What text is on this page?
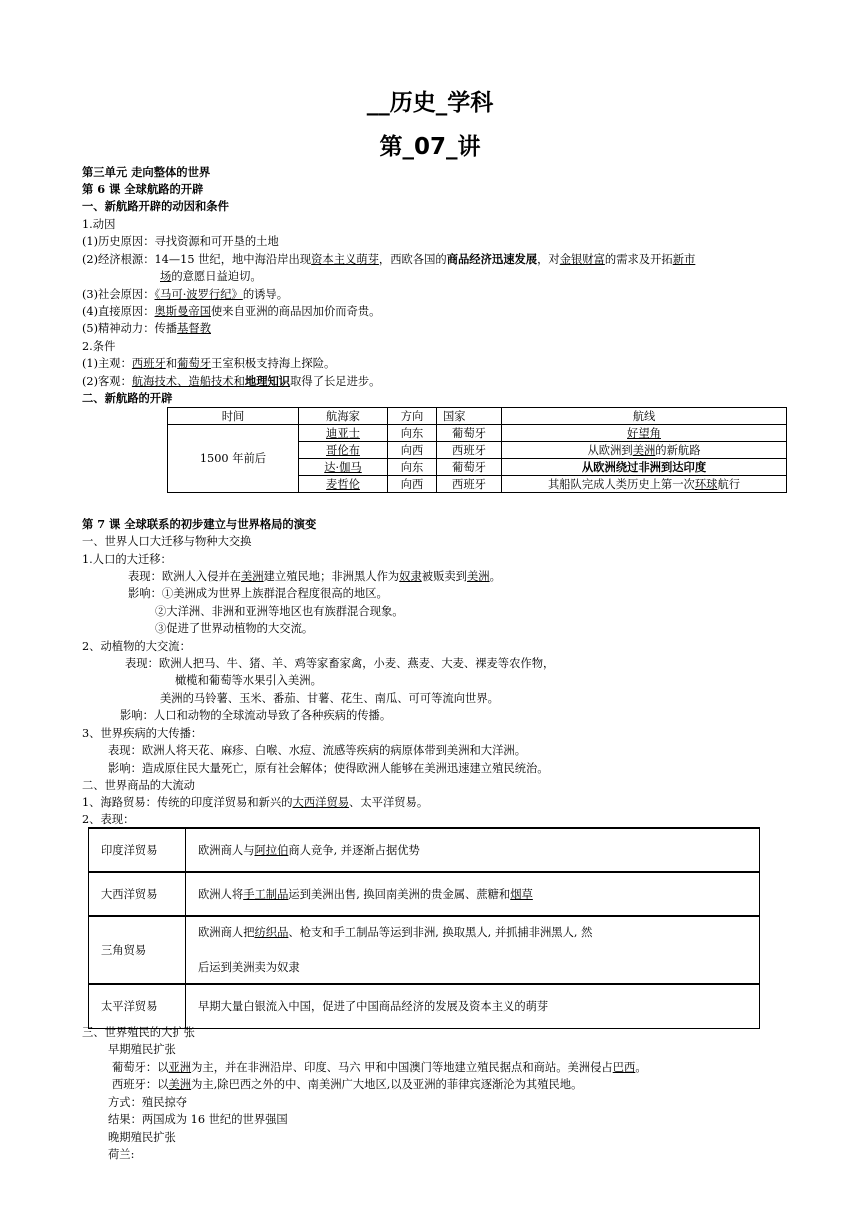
__历史_学科
第_07_讲
第三单元 走向整体的世界
第 6 课 全球航路的开辟
一、新航路开辟的动因和条件
1.动因
(1)历史原因：寻找资源和可开垦的土地
(2)经济根源：14—15 世纪，地中海沿岸出现资本主义萌芽，西欧各国的商品经济迅速发展，对金银财富的需求及开拓新市
场的意愿日益迫切。
(3)社会原因：《马可·波罗行纪》的诱导。
(4)直接原因：奥斯曼帝国使来自亚洲的商品因加价而奇贵。
(5)精神动力：传播基督教
2.条件
(1)主观：西班牙和葡萄牙王室积极支持海上探险。
(2)客观：航海技术、造船技术和地理知识取得了长足进步。
二、新航路的开辟
时间	航海家	方向	国家	航线
1500 年前后	迪亚士	向东	葡萄牙	好望角
	哥伦布	向西	西班牙	从欧洲到美洲的新航路
	达·伽马	向东	葡萄牙	从欧洲绕过非洲到达印度
	麦哲伦	向西	西班牙	其船队完成人类历史上第一次环球航行
第 7 课 全球联系的初步建立与世界格局的演变
一、世界人口大迁移与物种大交换
1.人口的大迁移：
表现：欧洲人入侵并在美洲建立殖民地；非洲黑人作为奴隶被贩卖到美洲。
影响：①美洲成为世界上族群混合程度很高的地区。
②大洋洲、非洲和亚洲等地区也有族群混合现象。
③促进了世界动植物的大交流。
2、动植物的大交流：
表现：欧洲人把马、牛、猪、羊、鸡等家畜家禽，小麦、燕麦、大麦、裸麦等农作物，
橄榄和葡萄等水果引入美洲。
美洲的马铃薯、玉米、番茄、甘薯、花生、南瓜、可可等流向世界。
影响：人口和动物的全球流动导致了各种疾病的传播。
3、世界疾病的大传播：
表现：欧洲人将天花、麻疹、白喉、水痘、流感等疾病的病原体带到美洲和大洋洲。
影响：造成原住民大量死亡，原有社会解体；使得欧洲人能够在美洲迅速建立殖民统治。
二、世界商品的大流动
1、海路贸易：传统的印度洋贸易和新兴的大西洋贸易、太平洋贸易。
2、表现：
印度洋贸易	欧洲商人与阿拉伯商人竞争, 并逐渐占据优势
大西洋贸易	欧洲人将手工制品运到美洲出售, 换回南美洲的贵金属、蔗糖和烟草
三角贸易	欧洲商人把纺织品、枪支和手工制品等运到非洲, 换取黑人, 并抓捕非洲黑人, 然
后运到美洲卖为奴隶

太平洋贸易	早期大量白银流入中国，促进了中国商品经济的发展及资本主义的萌芽
三、世界殖民的大扩张
早期殖民扩张
葡萄牙：以亚洲为主，并在非洲沿岸、印度、马六 甲和中国澳门等地建立殖民据点和商站。美洲侵占巴西。
西班牙：以美洲为主,除巴西之外的中、南美洲广大地区,以及亚洲的菲律宾逐渐沦为其殖民地。
方式：殖民掠夺
结果：两国成为 16 世纪的世界强国
晚期殖民扩张
荷兰:
